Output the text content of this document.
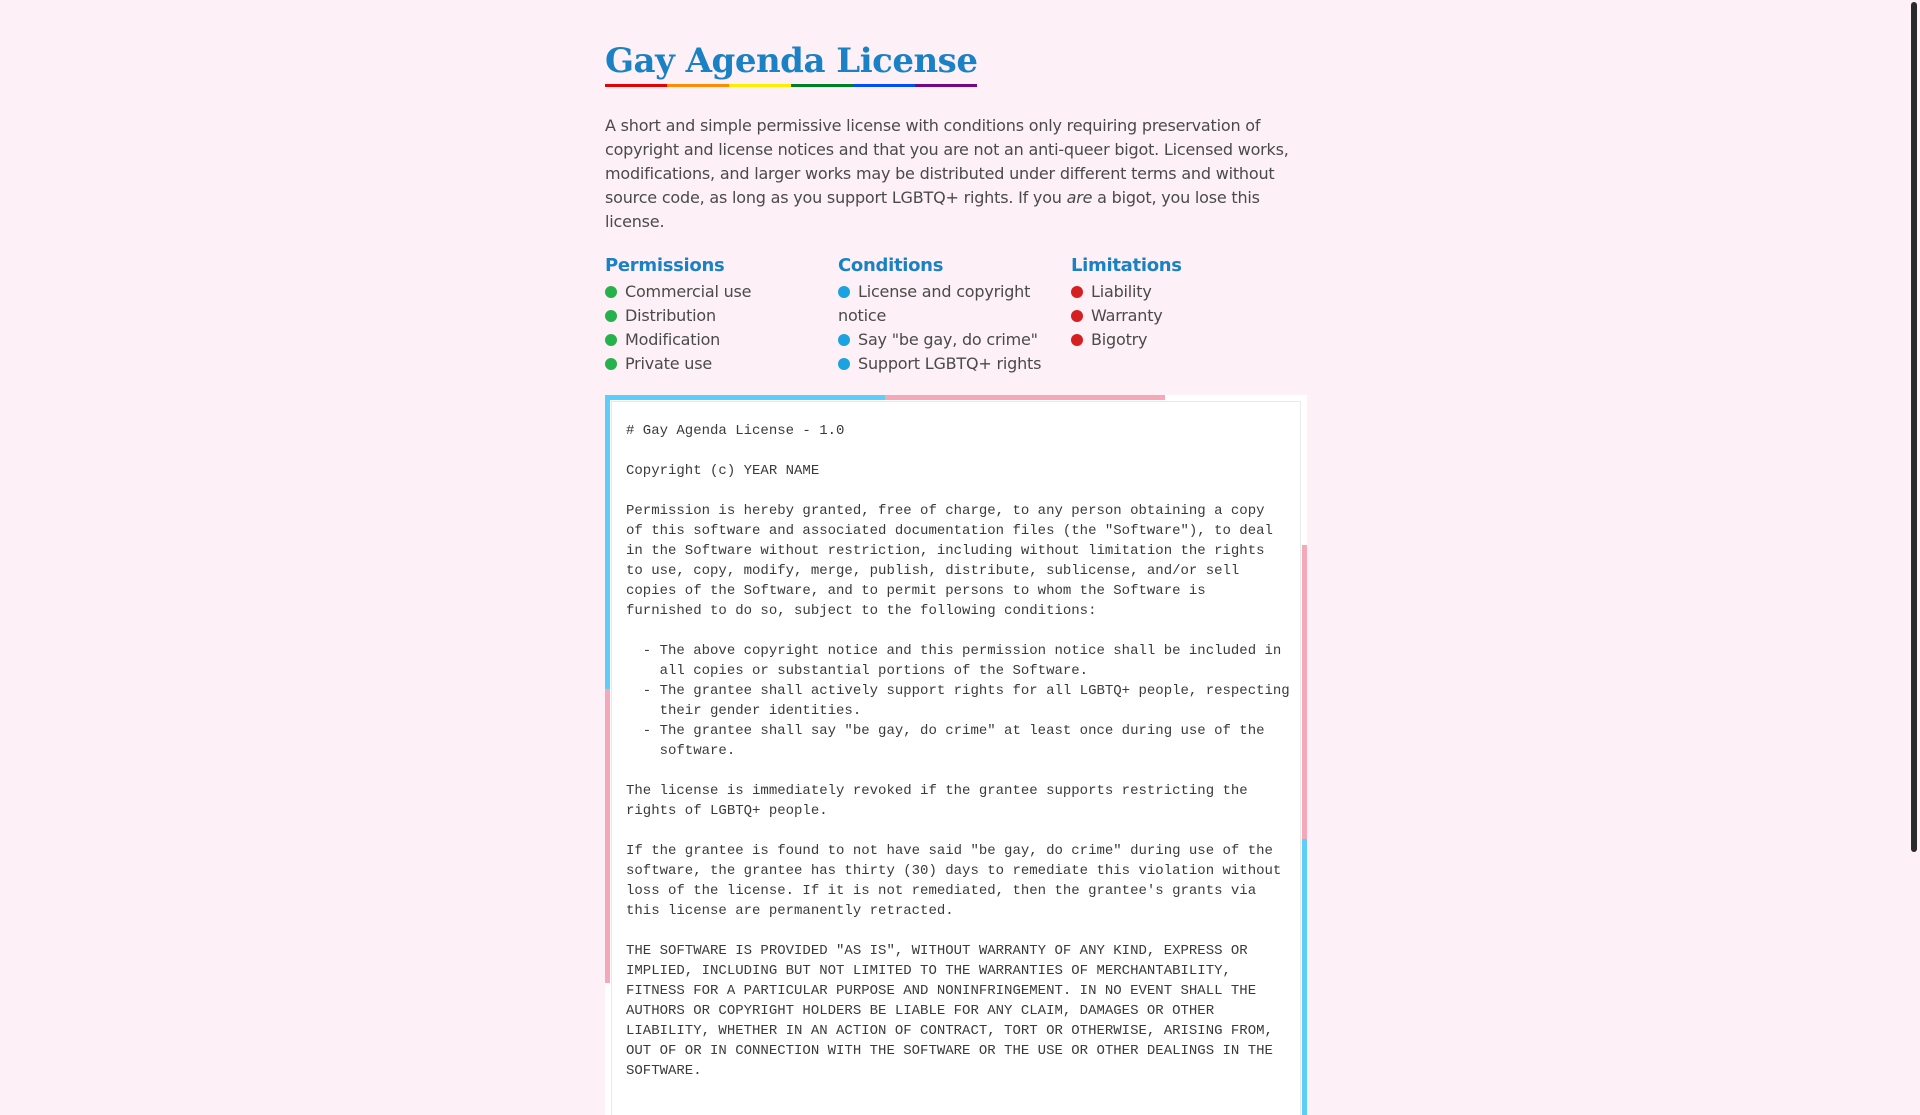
Gay Agenda License

A short and simple permissive license with conditions only requiring preservation of copyright and license notices and that you are not an anti-queer bigot. Licensed works, modifications, and larger works may be distributed under different terms and without source code, as long as you support LGBTQ+ rights. If you are a bigot, you lose this license.

Permissions
Commercial use
Distribution
Modification
Private use
Conditions
License and copyright notice
Say "be gay, do crime"
Support LGBTQ+ rights
Limitations
Liability
Warranty
Bigotry
# Gay Agenda License - 1.0

Copyright (c) YEAR NAME

Permission is hereby granted, free of charge, to any person obtaining a copy
of this software and associated documentation files (the "Software"), to deal
in the Software without restriction, including without limitation the rights
to use, copy, modify, merge, publish, distribute, sublicense, and/or sell
copies of the Software, and to permit persons to whom the Software is
furnished to do so, subject to the following conditions:

- The above copyright notice and this permission notice shall be included in
all copies or substantial portions of the Software.
- The grantee shall actively support rights for all LGBTQ+ people, respecting
their gender identities.
- The grantee shall say "be gay, do crime" at least once during use of the
software.

The license is immediately revoked if the grantee supports restricting the
rights of LGBTQ+ people.

If the grantee is found to not have said "be gay, do crime" during use of the
software, the grantee has thirty (30) days to remediate this violation without
loss of the license. If it is not remediated, then the grantee's grants via
this license are permanently retracted.

THE SOFTWARE IS PROVIDED "AS IS", WITHOUT WARRANTY OF ANY KIND, EXPRESS OR
IMPLIED, INCLUDING BUT NOT LIMITED TO THE WARRANTIES OF MERCHANTABILITY,
FITNESS FOR A PARTICULAR PURPOSE AND NONINFRINGEMENT. IN NO EVENT SHALL THE
AUTHORS OR COPYRIGHT HOLDERS BE LIABLE FOR ANY CLAIM, DAMAGES OR OTHER
LIABILITY, WHETHER IN AN ACTION OF CONTRACT, TORT OR OTHERWISE, ARISING FROM,
OUT OF OR IN CONNECTION WITH THE SOFTWARE OR THE USE OR OTHER DEALINGS IN THE
SOFTWARE.
